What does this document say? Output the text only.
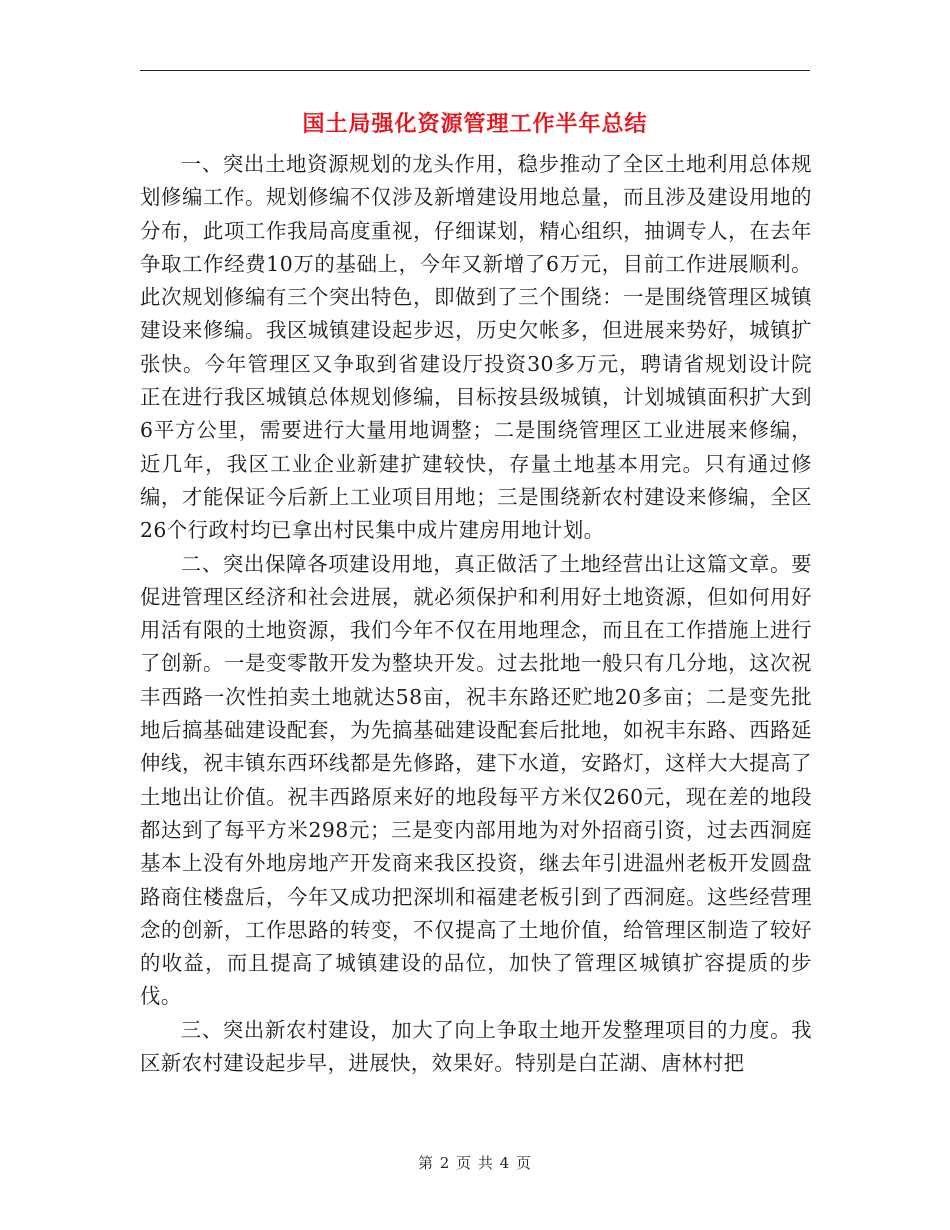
国土局强化资源管理工作半年总结

一、突出土地资源规划的龙头作用，稳步推动了全区土地利用总体规划修编工作。规划修编不仅涉及新增建设用地总量，而且涉及建设用地的分布，此项工作我局高度重视，仔细谋划，精心组织，抽调专人，在去年争取工作经费10万的基础上，今年又新增了6万元，目前工作进展顺利。此次规划修编有三个突出特色，即做到了三个围绕：一是围绕管理区城镇建设来修编。我区城镇建设起步迟，历史欠帐多，但进展来势好，城镇扩张快。今年管理区又争取到省建设厅投资30多万元，聘请省规划设计院正在进行我区城镇总体规划修编，目标按县级城镇，计划城镇面积扩大到6平方公里，需要进行大量用地调整；二是围绕管理区工业进展来修编，近几年，我区工业企业新建扩建较快，存量土地基本用完。只有通过修编，才能保证今后新上工业项目用地；三是围绕新农村建设来修编，全区26个行政村均已拿出村民集中成片建房用地计划。

二、突出保障各项建设用地，真正做活了土地经营出让这篇文章。要促进管理区经济和社会进展，就必须保护和利用好土地资源，但如何用好用活有限的土地资源，我们今年不仅在用地理念，而且在工作措施上进行了创新。一是变零散开发为整块开发。过去批地一般只有几分地，这次祝丰西路一次性拍卖土地就达58亩，祝丰东路还贮地20多亩；二是变先批地后搞基础建设配套，为先搞基础建设配套后批地，如祝丰东路、西路延伸线，祝丰镇东西环线都是先修路，建下水道，安路灯，这样大大提高了土地出让价值。祝丰西路原来好的地段每平方米仅260元，现在差的地段都达到了每平方米298元；三是变内部用地为对外招商引资，过去西洞庭基本上没有外地房地产开发商来我区投资，继去年引进温州老板开发圆盘路商住楼盘后，今年又成功把深圳和福建老板引到了西洞庭。这些经营理念的创新，工作思路的转变，不仅提高了土地价值，给管理区制造了较好的收益，而且提高了城镇建设的品位，加快了管理区城镇扩容提质的步伐。

三、突出新农村建设，加大了向上争取土地开发整理项目的力度。我区新农村建设起步早，进展快，效果好。特别是白芷湖、唐林村把

第 2 页 共 4 页
